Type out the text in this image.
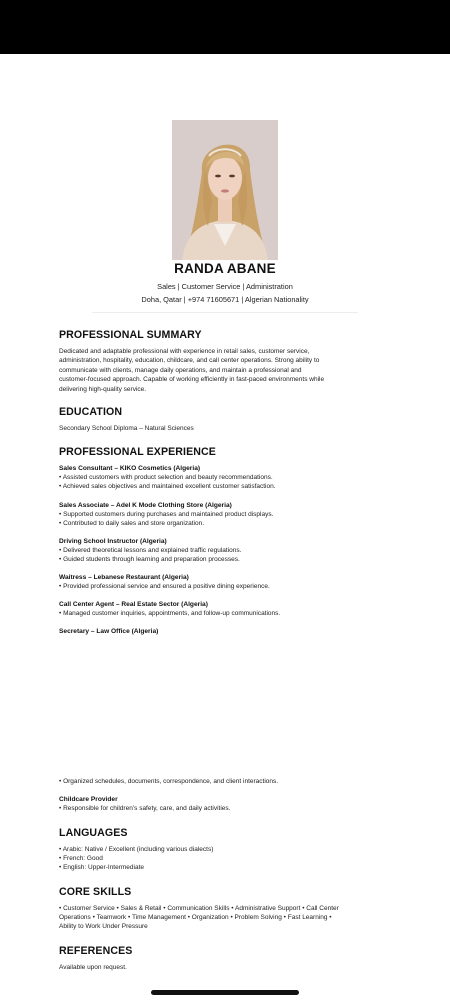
RANDA ABANE
Sales | Customer Service | Administration
Doha, Qatar | +974 71605671 | Algerian Nationality
PROFESSIONAL SUMMARY
Dedicated and adaptable professional with experience in retail sales, customer service,
administration, hospitality, education, childcare, and call center operations. Strong ability to
communicate with clients, manage daily operations, and maintain a professional and
customer-focused approach. Capable of working efficiently in fast-paced environments while
delivering high-quality service.
EDUCATION
Secondary School Diploma – Natural Sciences
PROFESSIONAL EXPERIENCE
Sales Consultant – KIKO Cosmetics (Algeria)
• Assisted customers with product selection and beauty recommendations.
• Achieved sales objectives and maintained excellent customer satisfaction.
Sales Associate – Adel K Mode Clothing Store (Algeria)
• Supported customers during purchases and maintained product displays.
• Contributed to daily sales and store organization.
Driving School Instructor (Algeria)
• Delivered theoretical lessons and explained traffic regulations.
• Guided students through learning and preparation processes.
Waitress – Lebanese Restaurant (Algeria)
• Provided professional service and ensured a positive dining experience.
Call Center Agent – Real Estate Sector (Algeria)
• Managed customer inquiries, appointments, and follow-up communications.
Secretary – Law Office (Algeria)
• Organized schedules, documents, correspondence, and client interactions.
Childcare Provider
• Responsible for children’s safety, care, and daily activities.
LANGUAGES
• Arabic: Native / Excellent (including various dialects)
• French: Good
• English: Upper-Intermediate
CORE SKILLS
• Customer Service • Sales & Retail • Communication Skills • Administrative Support • Call Center
Operations • Teamwork • Time Management • Organization • Problem Solving • Fast Learning •
Ability to Work Under Pressure
REFERENCES
Available upon request.
